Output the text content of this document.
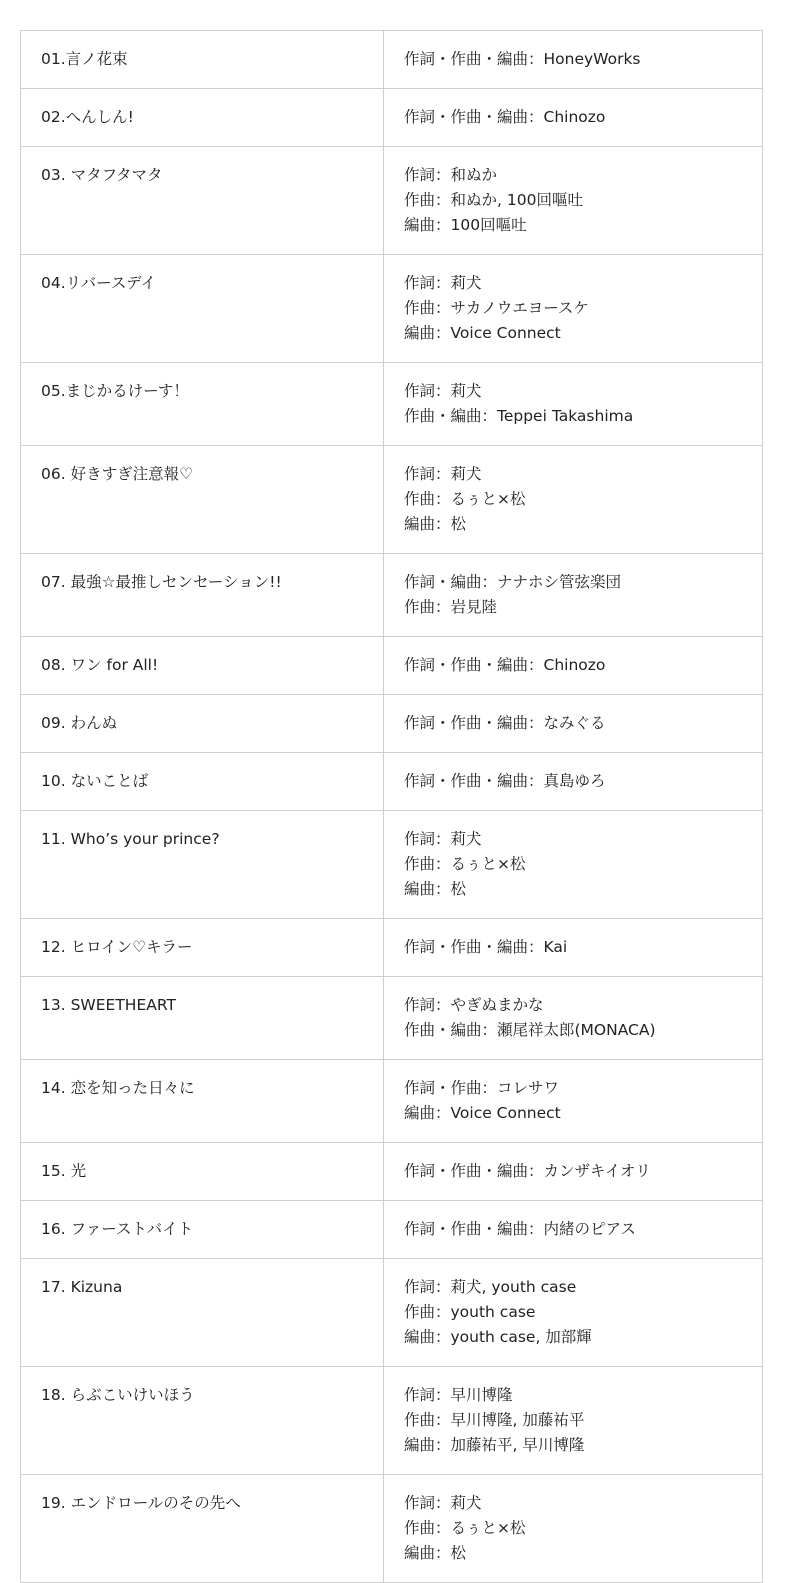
01.言ノ花束	作詞・作曲・編曲：HoneyWorks

02.へんしん!	作詞・作曲・編曲：Chinozo

03. マタフタマタ	作詞：和ぬか
作曲：和ぬか, 100回嘔吐
編曲：100回嘔吐

04.リバースデイ	作詞：莉犬
作曲：サカノウエヨースケ
編曲：Voice Connect

05.まじかるけーす！	作詞：莉犬
作曲・編曲：Teppei Takashima

06. 好きすぎ注意報♡	作詞：莉犬
作曲：るぅと×松
編曲：松

07. 最強☆最推しセンセーション!!	作詞・編曲：ナナホシ管弦楽団
作曲：岩見陸

08. ワン for All!	作詞・作曲・編曲：Chinozo

09. わんぬ	作詞・作曲・編曲：なみぐる

10. ないことば	作詞・作曲・編曲：真島ゆろ

11. Who’s your prince?	作詞：莉犬
作曲：るぅと×松
編曲：松

12. ヒロイン♡キラー	作詞・作曲・編曲：Kai

13. SWEETHEART	作詞：やぎぬまかな
作曲・編曲：瀬尾祥太郎(MONACA)

14. 恋を知った日々に	作詞・作曲：コレサワ
編曲：Voice Connect

15. 光	作詞・作曲・編曲：カンザキイオリ

16. ファーストバイト	作詞・作曲・編曲：内緒のピアス

17. Kizuna	作詞：莉犬, youth case
作曲：youth case
編曲：youth case, 加部輝

18. らぶこいけいほう	作詞：早川博隆
作曲：早川博隆, 加藤祐平
編曲：加藤祐平, 早川博隆

19. エンドロールのその先へ	作詞：莉犬
作曲：るぅと×松
編曲：松
